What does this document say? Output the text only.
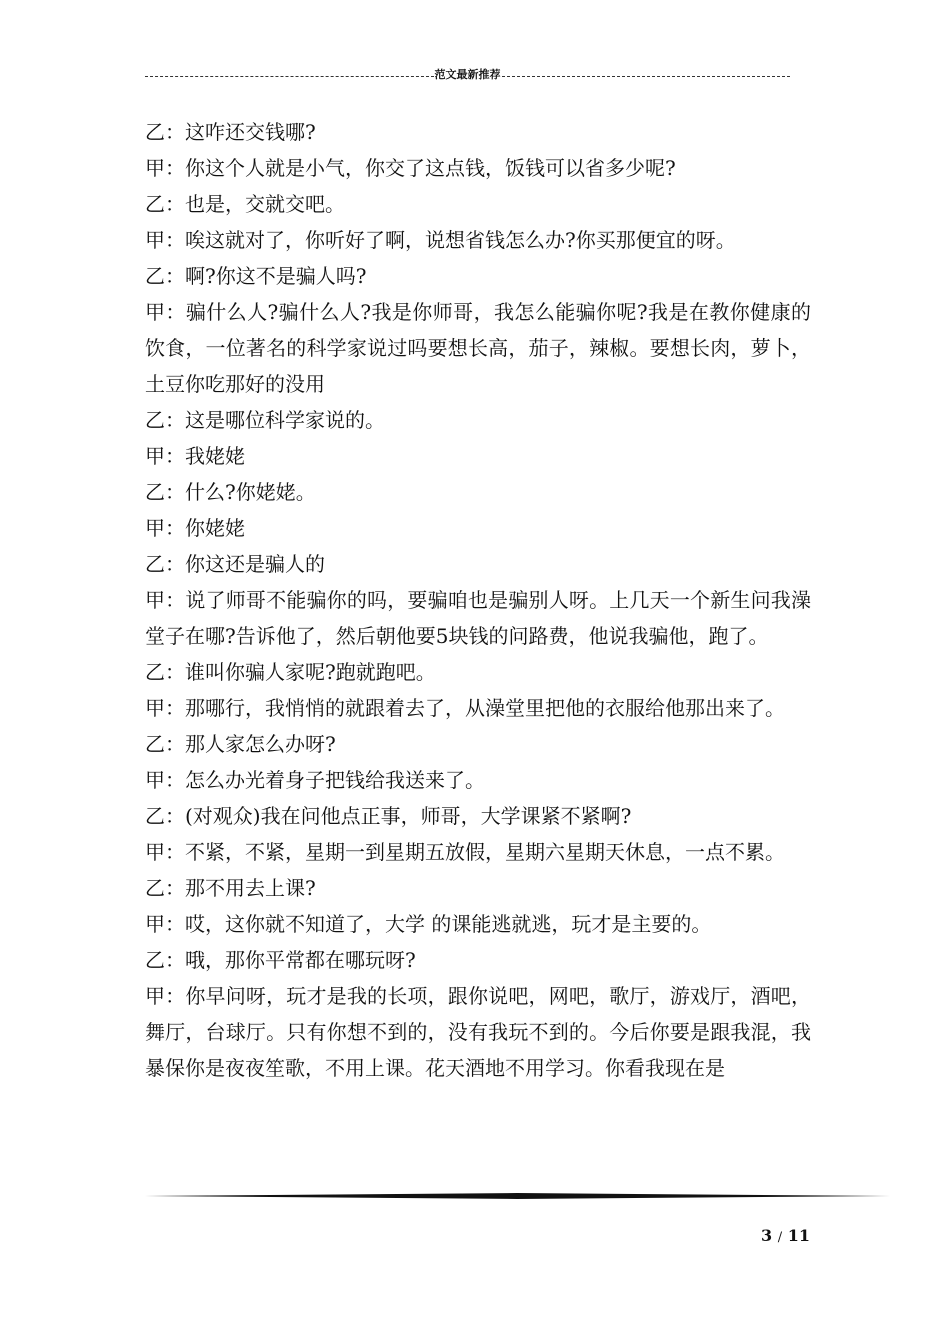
范文最新推荐

乙：这咋还交钱哪?

甲：你这个人就是小气，你交了这点钱，饭钱可以省多少呢?

乙：也是，交就交吧。

甲：唉这就对了，你听好了啊，说想省钱怎么办?你买那便宜的呀。

乙：啊?你这不是骗人吗?

甲：骗什么人?骗什么人?我是你师哥，我怎么能骗你呢?我是在教你健康的饮食，一位著名的科学家说过吗要想长高，茄子，辣椒。要想长肉，萝卜，土豆你吃那好的没用

乙：这是哪位科学家说的。

甲：我姥姥

乙：什么?你姥姥。

甲：你姥姥

乙：你这还是骗人的

甲：说了师哥不能骗你的吗，要骗咱也是骗别人呀。上几天一个新生问我澡堂子在哪?告诉他了，然后朝他要5块钱的问路费，他说我骗他，跑了。

乙：谁叫你骗人家呢?跑就跑吧。

甲：那哪行，我悄悄的就跟着去了，从澡堂里把他的衣服给他那出来了。

乙：那人家怎么办呀?

甲：怎么办光着身子把钱给我送来了。

乙：(对观众)我在问他点正事，师哥，大学课紧不紧啊?

甲：不紧，不紧，星期一到星期五放假，星期六星期天休息，一点不累。

乙：那不用去上课?

甲：哎，这你就不知道了，大学 的课能逃就逃，玩才是主要的。

乙：哦，那你平常都在哪玩呀?

甲：你早问呀，玩才是我的长项，跟你说吧，网吧，歌厅，游戏厅，酒吧，舞厅，台球厅。只有你想不到的，没有我玩不到的。今后你要是跟我混，我暴保你是夜夜笙歌，不用上课。花天酒地不用学习。你看我现在是

3 / 11
